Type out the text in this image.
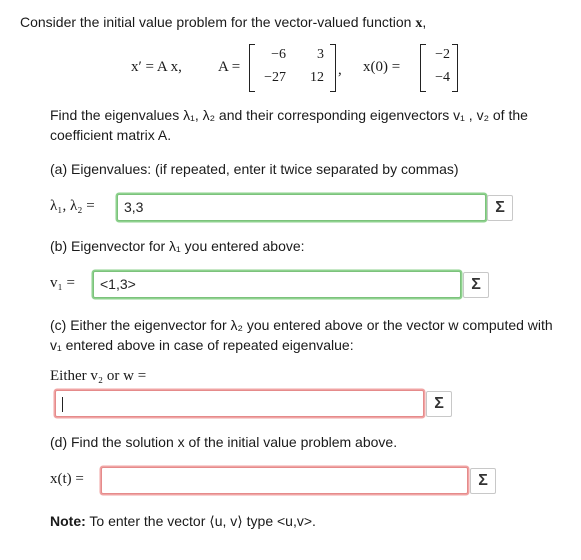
Consider the initial value problem for the vector-valued function x,
x′ = A x, A =
−6	3
−27	12 , x(0) =
−2
−4
Find the eigenvalues λ₁, λ₂ and their corresponding eigenvectors v₁ , v₂ of the coefficient matrix A.
(a) Eigenvalues: (if repeated, enter it twice separated by commas)
λ₁, λ₂ =	3,3	Σ
(b) Eigenvector for λ₁ you entered above:
v₁ =	<1,3>	Σ
(c) Either the eigenvector for λ₂ you entered above or the vector w computed with
v₁ entered above in case of repeated eigenvalue:
Either v₂ or w =
Σ
(d) Find the solution x of the initial value problem above.
x(t) =	Σ
Note: To enter the vector ⟨u, v⟩ type <u,v>.
